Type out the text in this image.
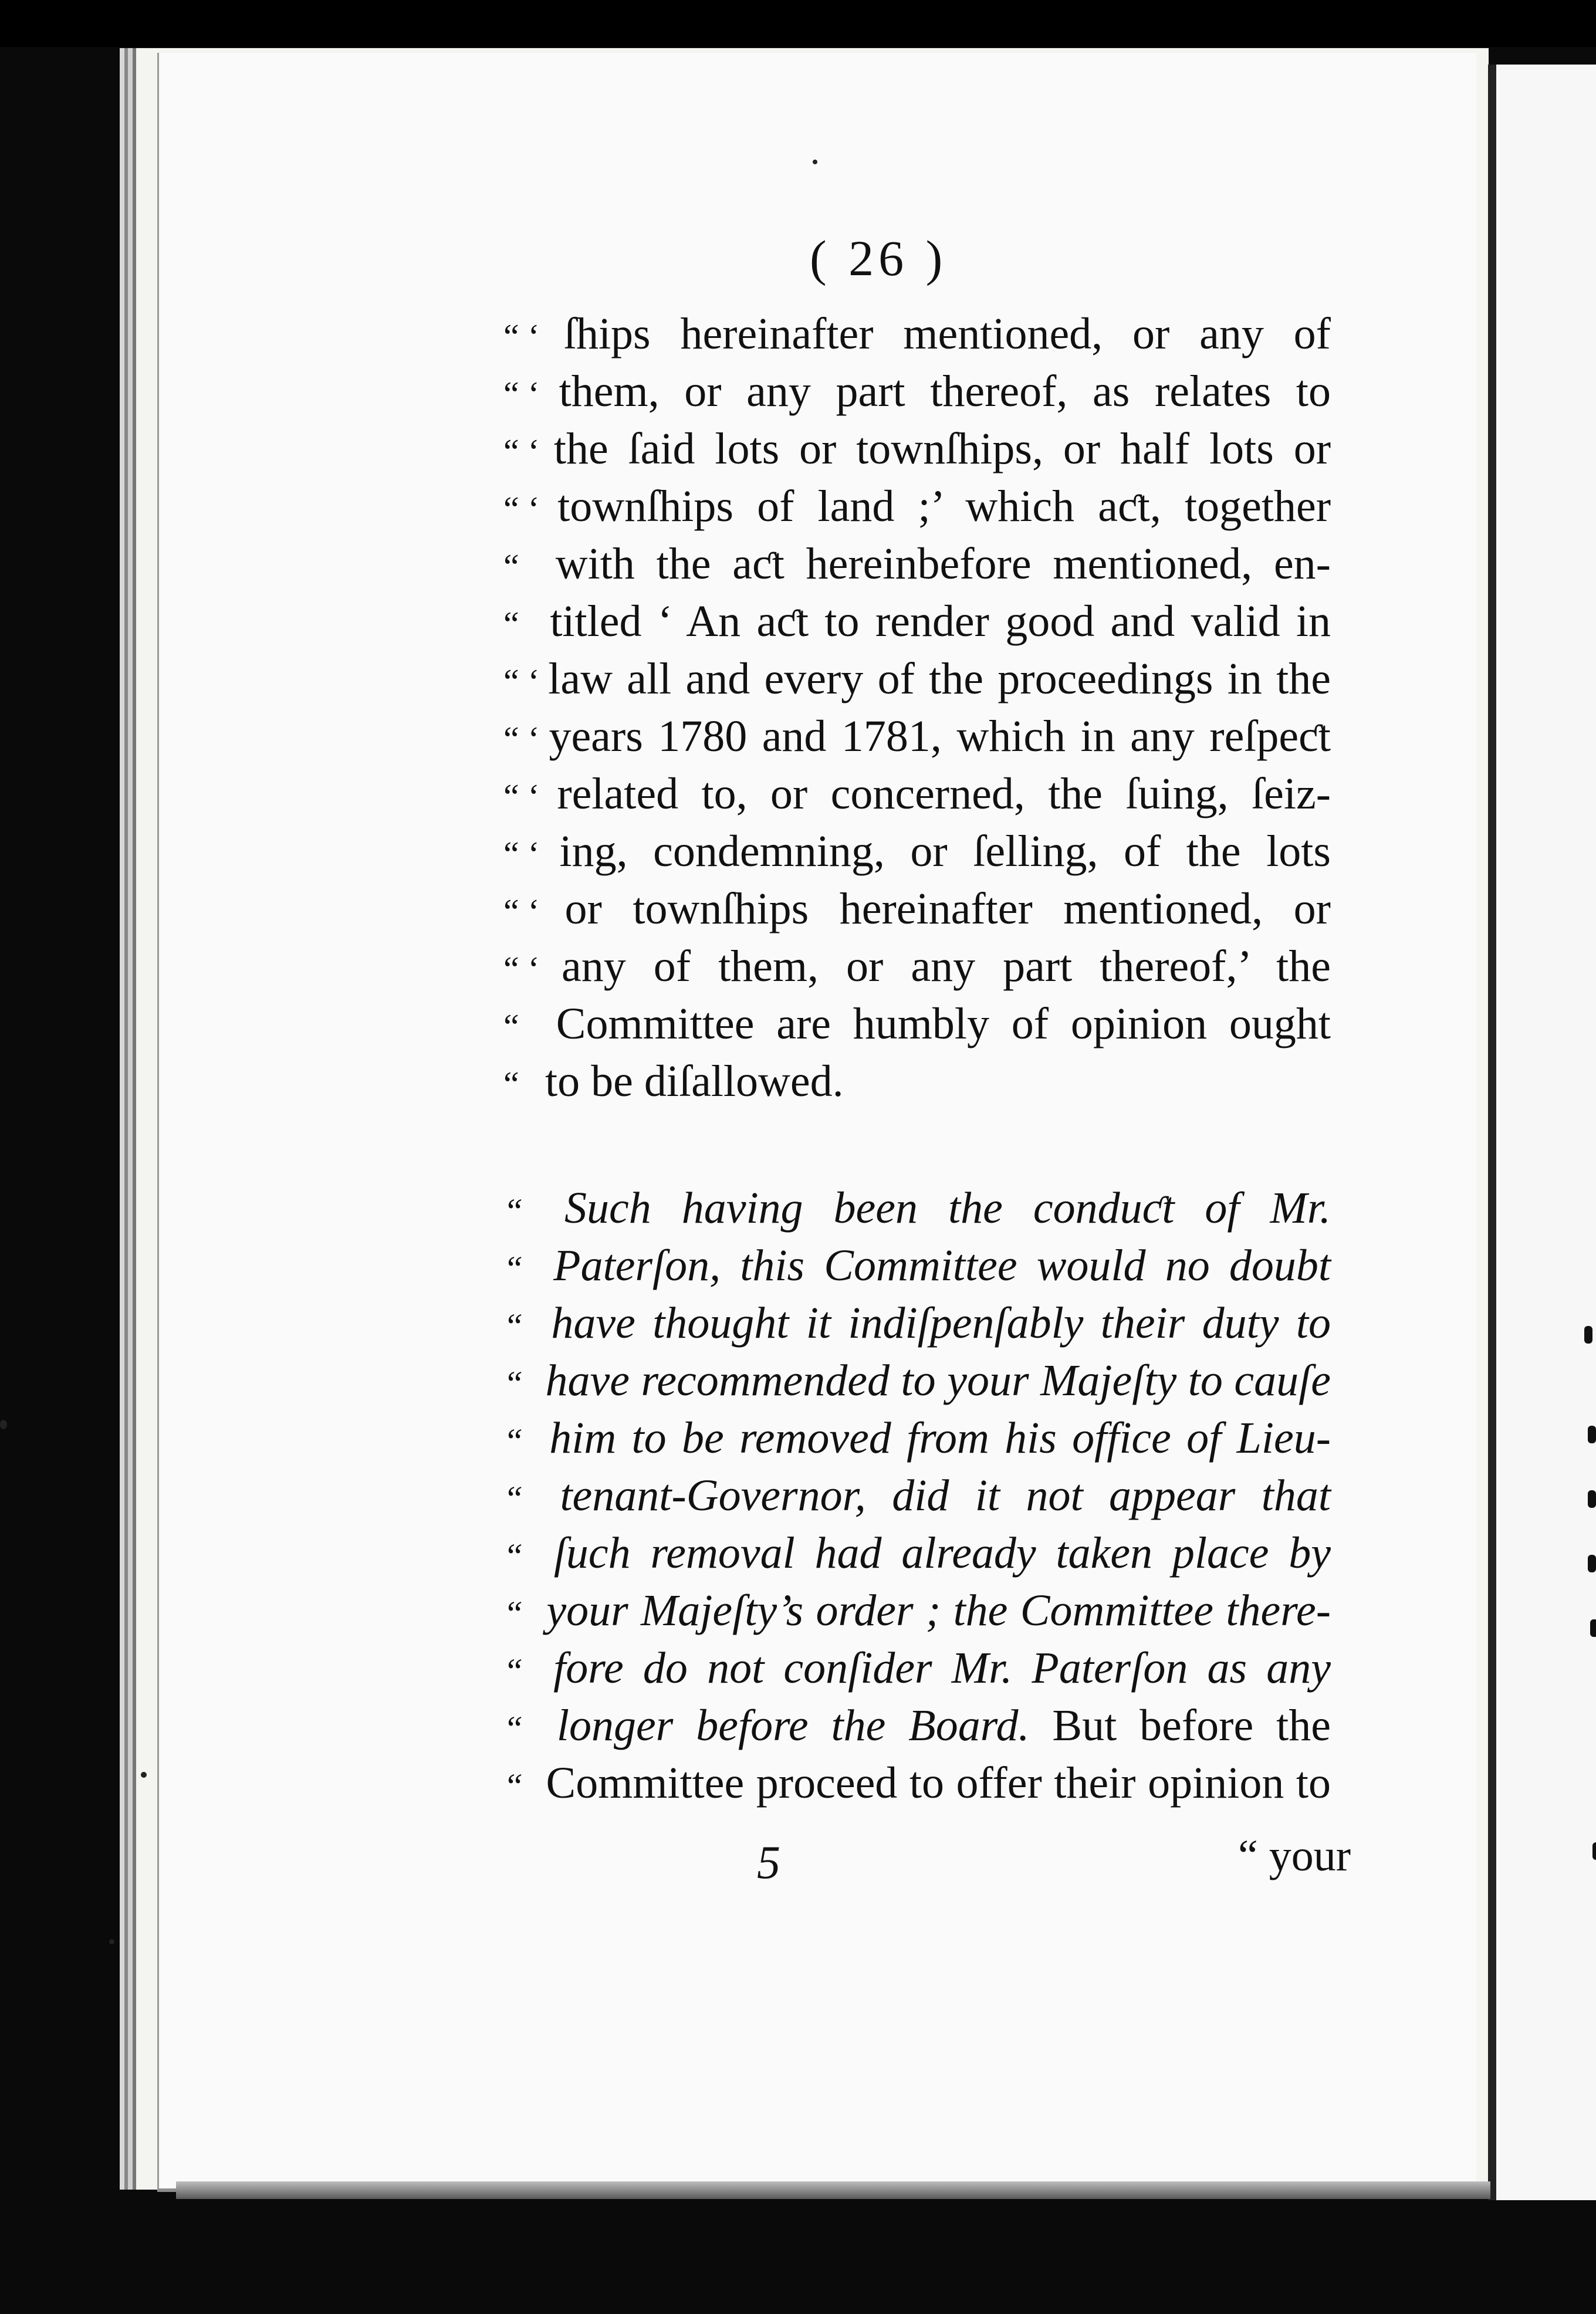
( 26 )
“ ‘ ſhips hereinafter mentioned, or any of
“ ‘ them, or any part thereof, as relates to
“ ‘ the ſaid lots or townſhips, or half lots or
“ ‘ townſhips of land ;’ which aƈt, together
“ with the aƈt hereinbefore mentioned, en-
“ titled ‘ An aƈt to render good and valid in
“ ‘ law all and every of the proceedings in the
“ ‘ years 1780 and 1781, which in any reſpeƈt
“ ‘ related to, or concerned, the ſuing, ſeiz-
“ ‘ ing, condemning, or ſelling, of the lots
“ ‘ or townſhips hereinafter mentioned, or
“ ‘ any of them, or any part thereof,’ the
“ Committee are humbly of opinion ought
“ to be diſallowed.
“ Such having been the conduƈt of Mr.
“ Paterſon, this Committee would no doubt
“ have thought it indiſpenſably their duty to
“ have recommended to your Majeſty to cauſe
“ him to be removed from his office of Lieu-
“ tenant-Governor, did it not appear that
“ ſuch removal had already taken place by
“ your Majeſty’s order ; the Committee there-
“ fore do not conſider Mr. Paterſon as any
“ longer before the Board. But before the
“ Committee proceed to offer their opinion to
5	“ your
